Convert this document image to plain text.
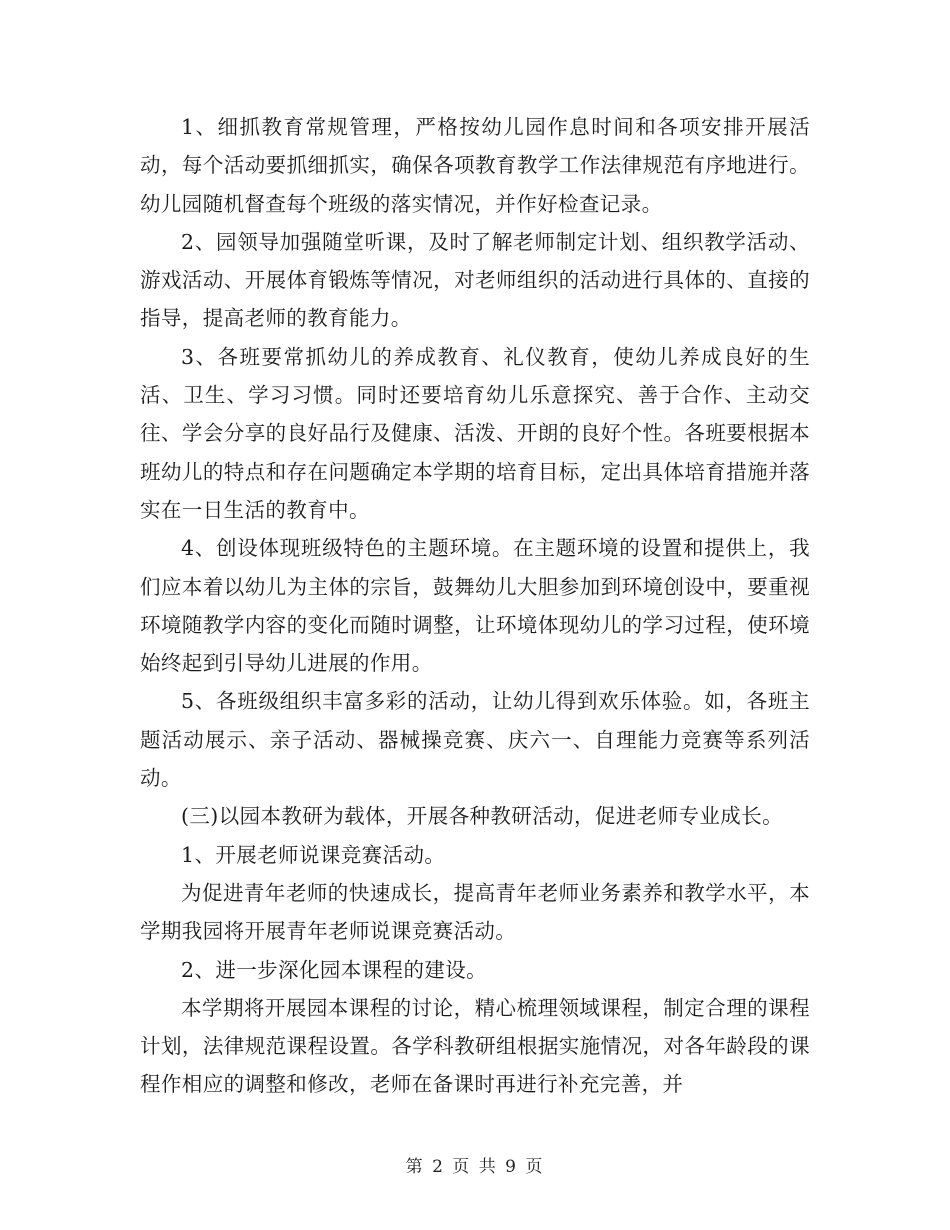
1、细抓教育常规管理，严格按幼儿园作息时间和各项安排开展活动，每个活动要抓细抓实，确保各项教育教学工作法律规范有序地进行。幼儿园随机督查每个班级的落实情况，并作好检查记录。

2、园领导加强随堂听课，及时了解老师制定计划、组织教学活动、游戏活动、开展体育锻炼等情况，对老师组织的活动进行具体的、直接的指导，提高老师的教育能力。

3、各班要常抓幼儿的养成教育、礼仪教育，使幼儿养成良好的生活、卫生、学习习惯。同时还要培育幼儿乐意探究、善于合作、主动交往、学会分享的良好品行及健康、活泼、开朗的良好个性。各班要根据本班幼儿的特点和存在问题确定本学期的培育目标，定出具体培育措施并落实在一日生活的教育中。

4、创设体现班级特色的主题环境。在主题环境的设置和提供上，我们应本着以幼儿为主体的宗旨，鼓舞幼儿大胆参加到环境创设中，要重视环境随教学内容的变化而随时调整，让环境体现幼儿的学习过程，使环境始终起到引导幼儿进展的作用。

5、各班级组织丰富多彩的活动，让幼儿得到欢乐体验。如，各班主题活动展示、亲子活动、器械操竞赛、庆六一、自理能力竞赛等系列活动。

(三)以园本教研为载体，开展各种教研活动，促进老师专业成长。

1、开展老师说课竞赛活动。

为促进青年老师的快速成长，提高青年老师业务素养和教学水平，本学期我园将开展青年老师说课竞赛活动。

2、进一步深化园本课程的建设。

本学期将开展园本课程的讨论，精心梳理领域课程，制定合理的课程计划，法律规范课程设置。各学科教研组根据实施情况，对各年龄段的课程作相应的调整和修改，老师在备课时再进行补充完善，并

第 2 页 共 9 页
